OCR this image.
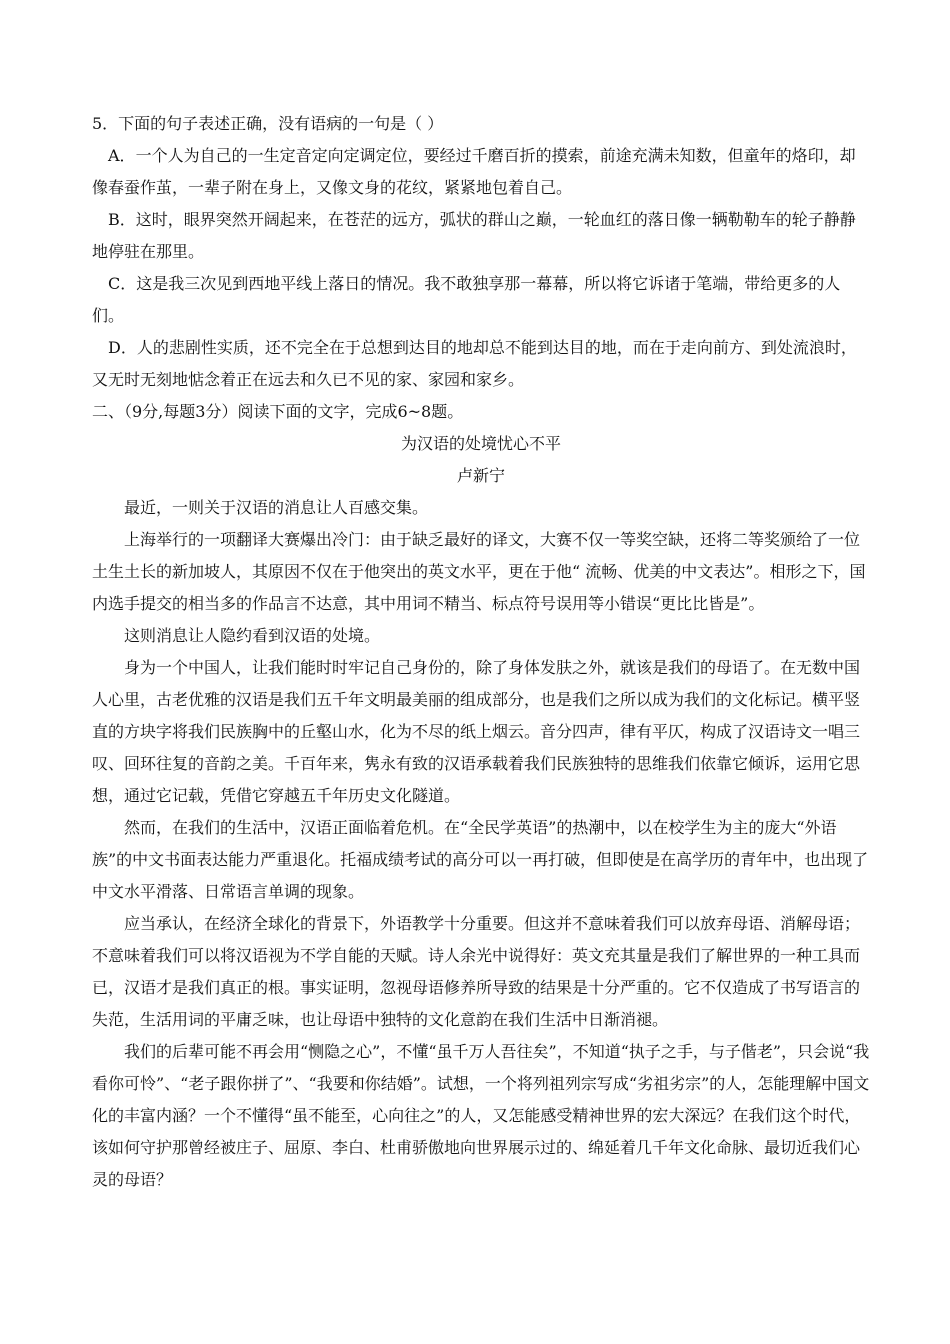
5．下面的句子表述正确，没有语病的一句是（ ）

A．一个人为自己的一生定音定向定调定位，要经过千磨百折的摸索，前途充满未知数，但童年的烙印，却像春蚕作茧，一辈子附在身上，又像文身的花纹，紧紧地包着自己。

B．这时，眼界突然开阔起来，在苍茫的远方，弧状的群山之巅，一轮血红的落日像一辆勒勒车的轮子静静地停驻在那里。

C．这是我三次见到西地平线上落日的情况。我不敢独享那一幕幕，所以将它诉诸于笔端，带给更多的人们。

D．人的悲剧性实质，还不完全在于总想到达目的地却总不能到达目的地，而在于走向前方、到处流浪时，又无时无刻地惦念着正在远去和久已不见的家、家园和家乡。

二、（9分,每题3分）阅读下面的文字，完成6~8题。

为汉语的处境忧心不平

卢新宁

最近，一则关于汉语的消息让人百感交集。

上海举行的一项翻译大赛爆出冷门：由于缺乏最好的译文，大赛不仅一等奖空缺，还将二等奖颁给了一位土生土长的新加坡人，其原因不仅在于他突出的英文水平，更在于他“ 流畅、优美的中文表达”。相形之下，国内选手提交的相当多的作品言不达意，其中用词不精当、标点符号误用等小错误“更比比皆是”。

这则消息让人隐约看到汉语的处境。

身为一个中国人，让我们能时时牢记自己身份的，除了身体发肤之外，就该是我们的母语了。在无数中国人心里，古老优雅的汉语是我们五千年文明最美丽的组成部分，也是我们之所以成为我们的文化标记。横平竖直的方块字将我们民族胸中的丘壑山水，化为不尽的纸上烟云。音分四声，律有平仄，构成了汉语诗文一唱三叹、回环往复的音韵之美。千百年来，隽永有致的汉语承载着我们民族独特的思维我们依靠它倾诉，运用它思想，通过它记载，凭借它穿越五千年历史文化隧道。

然而，在我们的生活中，汉语正面临着危机。在“全民学英语”的热潮中，以在校学生为主的庞大“外语族”的中文书面表达能力严重退化。托福成绩考试的高分可以一再打破，但即使是在高学历的青年中，也出现了中文水平滑落、日常语言单调的现象。

应当承认，在经济全球化的背景下，外语教学十分重要。但这并不意味着我们可以放弃母语、消解母语；不意味着我们可以将汉语视为不学自能的天赋。诗人余光中说得好：英文充其量是我们了解世界的一种工具而已，汉语才是我们真正的根。事实证明，忽视母语修养所导致的结果是十分严重的。它不仅造成了书写语言的失范，生活用词的平庸乏味，也让母语中独特的文化意韵在我们生活中日渐消褪。

我们的后辈可能不再会用“恻隐之心”，不懂“虽千万人吾往矣”，不知道“执子之手，与子偕老”，只会说“我看你可怜”、“老子跟你拼了”、“我要和你结婚”。试想，一个将列祖列宗写成“劣祖劣宗”的人，怎能理解中国文化的丰富内涵？一个不懂得“虽不能至，心向往之”的人，又怎能感受精神世界的宏大深远？在我们这个时代，该如何守护那曾经被庄子、屈原、李白、杜甫骄傲地向世界展示过的、绵延着几千年文化命脉、最切近我们心灵的母语？
